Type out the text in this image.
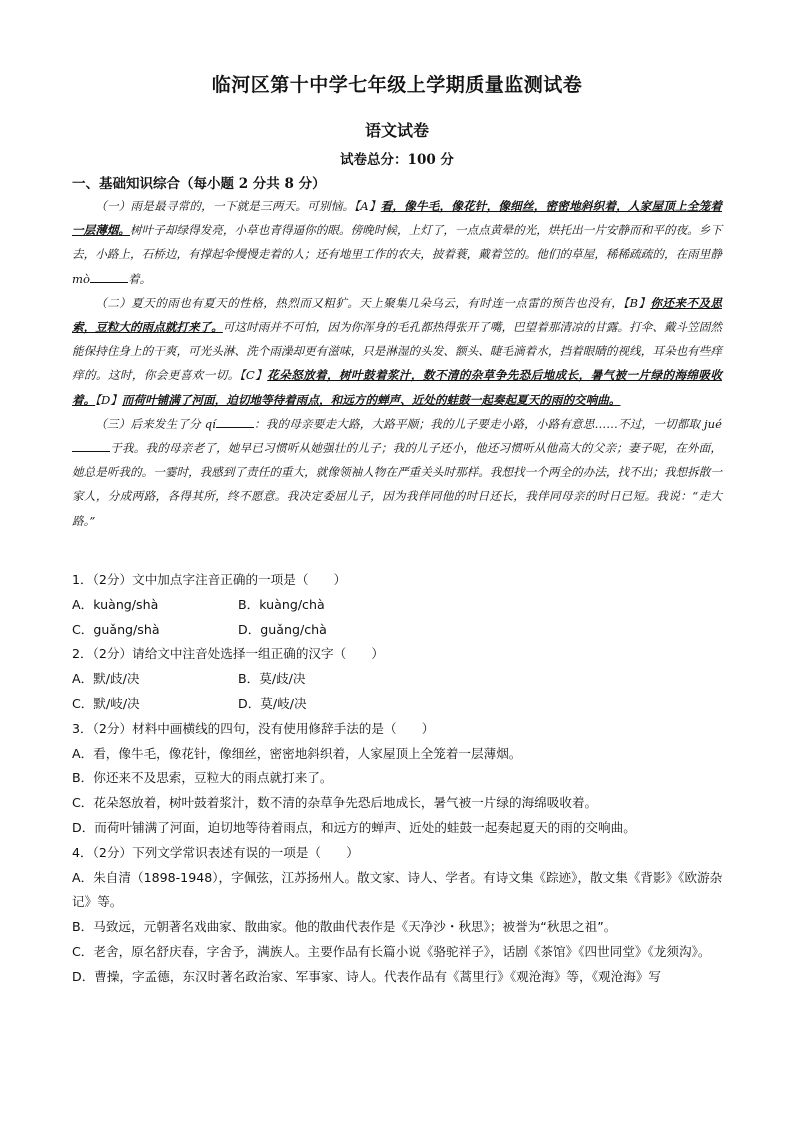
临河区第十中学七年级上学期质量监测试卷
语文试卷
试卷总分：100 分
一、基础知识综合（每小题 2 分共 8 分）

（一）雨是最寻常的，一下就是三两天。可别恼。【A】看，像牛毛，像花针，像细丝，密密地斜织着，人家屋顶上全笼着一层薄烟。树叶子却绿得发亮，小草也青得逼你的眼。傍晚时候，上灯了，一点点黄晕的光，烘托出一片安静而和平的夜。乡下去，小路上，石桥边，有撑起伞慢慢走着的人；还有地里工作的农夫，披着蓑，戴着笠的。他们的草屋，稀稀疏疏的，在雨里静 mò	着。

（二）夏天的雨也有夏天的性格，热烈而又粗犷。天上聚集几朵乌云，有时连一点雷的预告也没有，【B】你还来不及思索，豆粒大的雨点就打来了。可这时雨并不可怕，因为你浑身的毛孔都热得张开了嘴，巴望着那清凉的甘露。打伞、戴斗笠固然能保持住身上的干爽，可光头淋、洗个雨澡却更有滋味，只是淋湿的头发、额头、睫毛滴着水，挡着眼睛的视线，耳朵也有些痒痒的。这时，你会更喜欢一切。【C】花朵怒放着，树叶鼓着浆汁，数不清的杂草争先恐后地成长，暑气被一片绿的海绵吸收着。【D】而荷叶铺满了河面，迫切地等待着雨点，和远方的蝉声、近处的蛙鼓一起奏起夏天的雨的交响曲。

（三）后来发生了分 qí	：我的母亲要走大路，大路平顺；我的儿子要走小路，小路有意思……不过，一切都取 jué于我。我的母亲老了，她早已习惯听从她强壮的儿子；我的儿子还小，他还习惯听从他高大的父亲；妻子呢，在外面，她总是听我的。一霎时，我感到了责任的重大，就像领袖人物在严重关头时那样。我想找一个两全的办法，找不出；我想拆散一家人，分成两路，各得其所，终不愿意。我决定委屈儿子，因为我伴同他的时日还长，我伴同母亲的时日已短。我说：“走大路。”

1．（2分）文中加点字注音正确的一项是（　　）
A．kuàng/shà	B．kuàng/chà
C．guǎng/shà	D．guǎng/chà
2．（2分）请给文中注音处选择一组正确的汉字（　　）
A．默/歧/决	B．莫/歧/决
C．默/岐/决	D．莫/岐/决
3．（2分）材料中画横线的四句，没有使用修辞手法的是（　　）
A．看，像牛毛，像花针，像细丝，密密地斜织着，人家屋顶上全笼着一层薄烟。
B．你还来不及思索，豆粒大的雨点就打来了。
C．花朵怒放着，树叶鼓着浆汁，数不清的杂草争先恐后地成长，暑气被一片绿的海绵吸收着。
D．而荷叶铺满了河面，迫切地等待着雨点，和远方的蝉声、近处的蛙鼓一起奏起夏天的雨的交响曲。
4．（2分）下列文学常识表述有误的一项是（　　）
A．朱自清（1898-1948），字佩弦，江苏扬州人。散文家、诗人、学者。有诗文集《踪迹》，散文集《背影》《欧游杂记》等。
B．马致远，元朝著名戏曲家、散曲家。他的散曲代表作是《天净沙・秋思》；被誉为“秋思之祖”。
C．老舍，原名舒庆春，字舍予，满族人。主要作品有长篇小说《骆驼祥子》，话剧《茶馆》《四世同堂》《龙须沟》。
D．曹操，字孟德，东汉时著名政治家、军事家、诗人。代表作品有《蒿里行》《观沧海》等，《观沧海》写
